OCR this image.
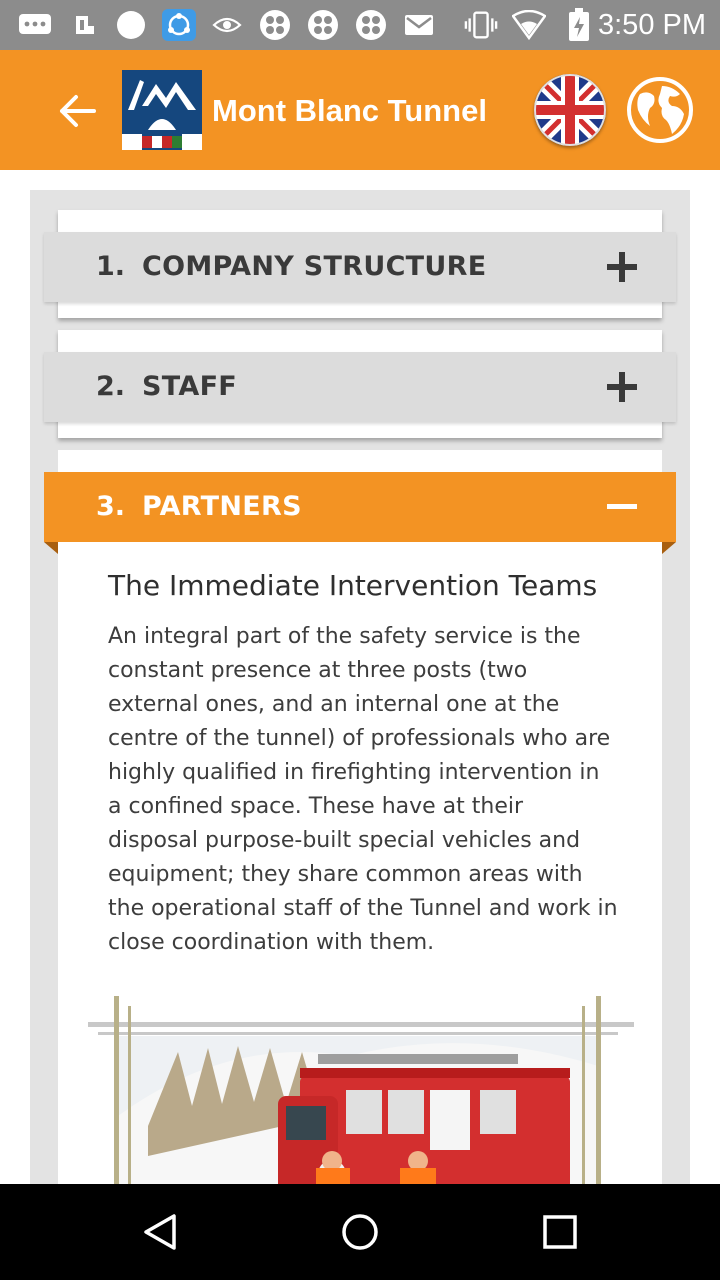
3:50 PM
Mont Blanc Tunnel
1. COMPANY STRUCTURE
2. STAFF
3. PARTNERS
The Immediate Intervention Teams
An integral part of the safety service is the constant presence at three posts (two external ones, and an internal one at the centre of the tunnel) of professionals who are highly qualified in firefighting intervention in a confined space. These have at their disposal purpose-built special vehicles and equipment; they share common areas with the operational staff of the Tunnel and work in close coordination with them.
